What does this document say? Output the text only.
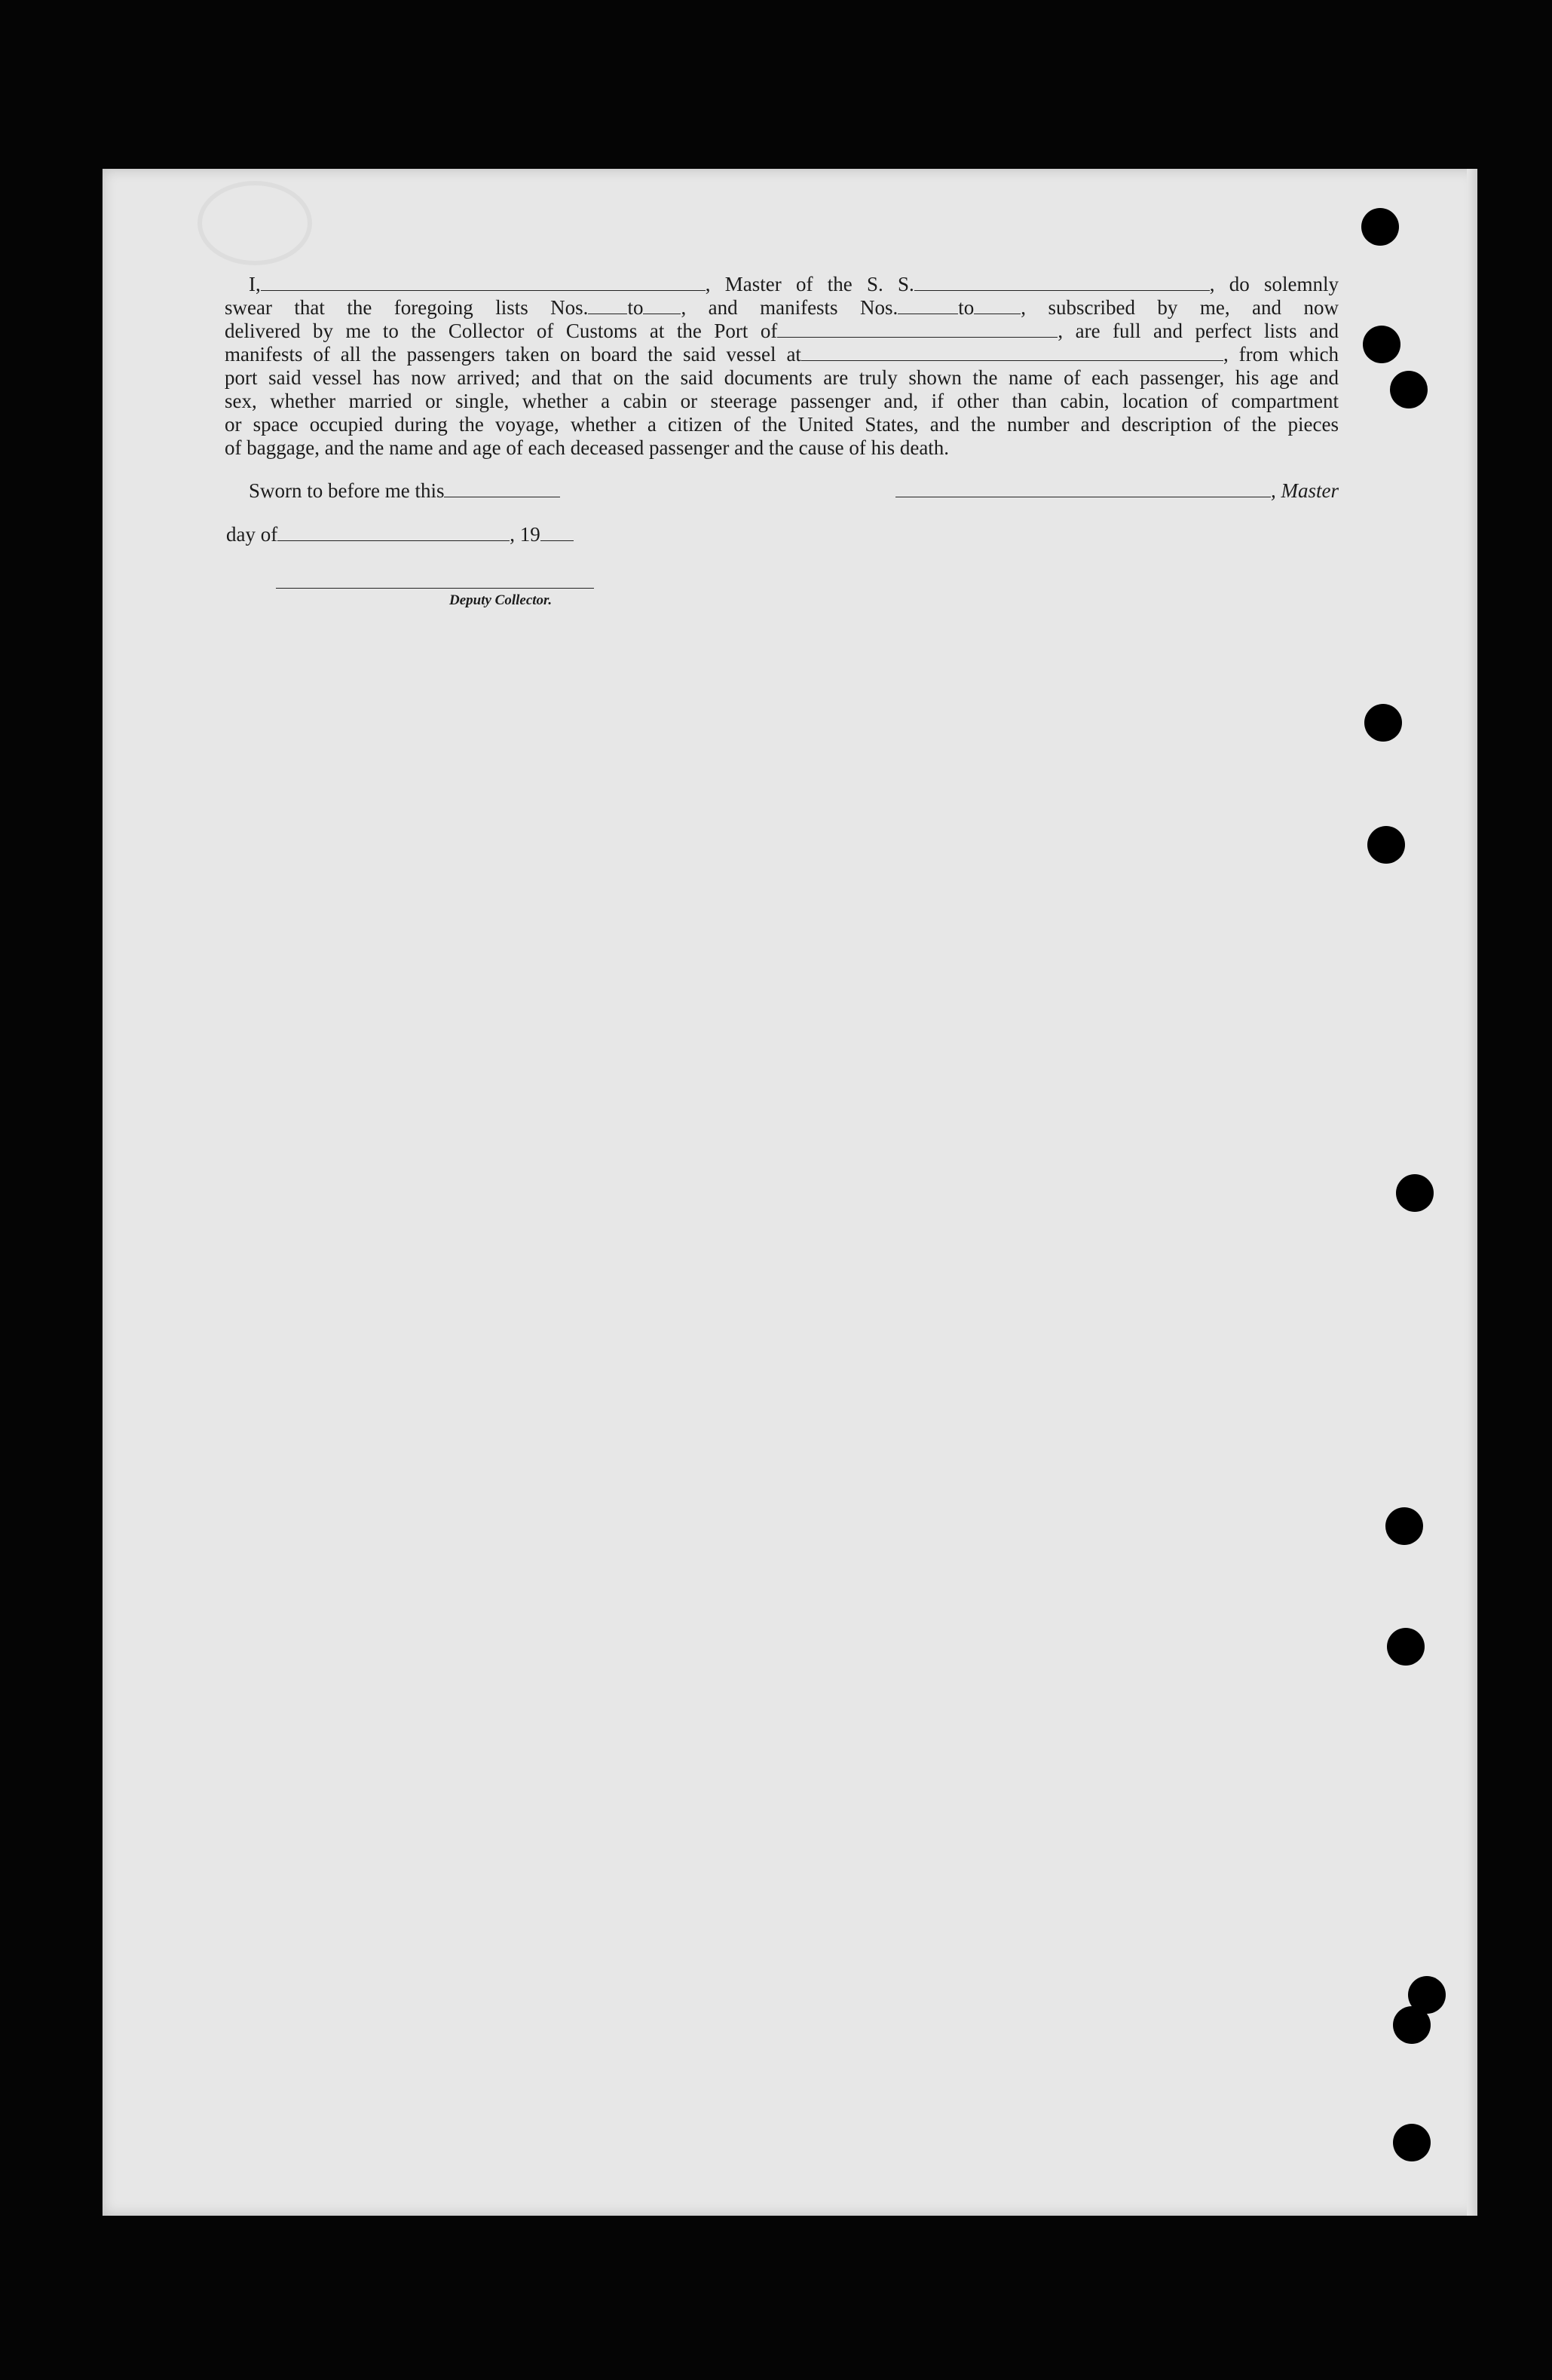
I,	, Master of the S. S.	, do solemnly
swear that the foregoing lists Nos. to , and manifests Nos.	to , subscribed by me, and now
delivered by me to the Collector of Customs at the Port of	, are full and perfect lists and
manifests of all the passengers taken on board the said vessel at	, from which
port said vessel has now arrived; and that on the said documents are truly shown the name of each passenger, his age and
sex, whether married or single, whether a cabin or steerage passenger and, if other than cabin, location of compartment
or space occupied during the voyage, whether a citizen of the United States, and the number and description of the pieces
of baggage, and the name and age of each deceased passenger and the cause of his death.
Sworn to before me this	, Master
day of	, 19
Deputy Collector.
